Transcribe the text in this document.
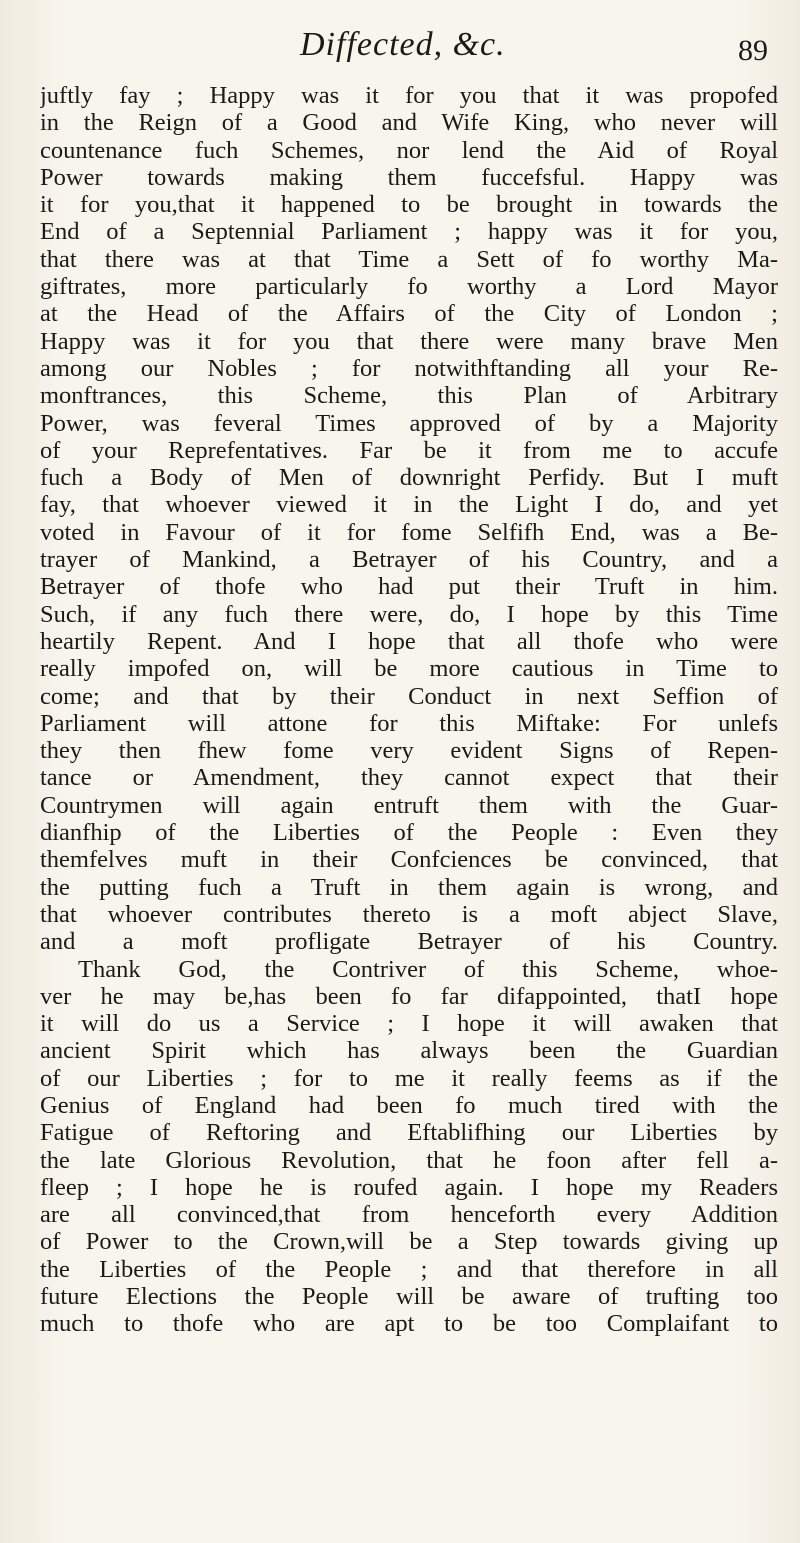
Diffected, &c.	89
juftly fay ; Happy was it for you that it was propofed
in the Reign of a Good and Wife King, who never will
countenance fuch Schemes, nor lend the Aid of Royal
Power towards making them fuccefsful. Happy was
it for you,that it happened to be brought in towards the
End of a Septennial Parliament ; happy was it for you,
that there was at that Time a Sett of fo worthy Ma-
giftrates, more particularly fo worthy a Lord Mayor
at the Head of the Affairs of the City of London ;
Happy was it for you that there were many brave Men
among our Nobles ; for notwithftanding all your Re-
monftrances, this Scheme, this Plan of Arbitrary
Power, was feveral Times approved of by a Majority
of your Reprefentatives. Far be it from me to accufe
fuch a Body of Men of downright Perfidy. But I muft
fay, that whoever viewed it in the Light I do, and yet
voted in Favour of it for fome Selfifh End, was a Be-
trayer of Mankind, a Betrayer of his Country, and a
Betrayer of thofe who had put their Truft in him.
Such, if any fuch there were, do, I hope by this Time
heartily Repent. And I hope that all thofe who were
really impofed on, will be more cautious in Time to
come; and that by their Conduct in next Seffion of
Parliament will attone for this Miftake: For unlefs
they then fhew fome very evident Signs of Repen-
tance or Amendment, they cannot expect that their
Countrymen will again entruft them with the Guar-
dianfhip of the Liberties of the People : Even they
themfelves muft in their Confciences be convinced, that
the putting fuch a Truft in them again is wrong, and
that whoever contributes thereto is a moft abject Slave,
and a moft profligate Betrayer of his Country.
Thank God, the Contriver of this Scheme, whoe-
ver he may be,has been fo far difappointed, thatI hope
it will do us a Service ; I hope it will awaken that
ancient Spirit which has always been the Guardian
of our Liberties ; for to me it really feems as if the
Genius of England had been fo much tired with the
Fatigue of Reftoring and Eftablifhing our Liberties by
the late Glorious Revolution, that he foon after fell a-
fleep ; I hope he is roufed again. I hope my Readers
are all convinced,that from henceforth every Addition
of Power to the Crown,will be a Step towards giving up
the Liberties of the People ; and that therefore in all
future Elections the People will be aware of trufting too
much to thofe who are apt to be too Complaifant to
